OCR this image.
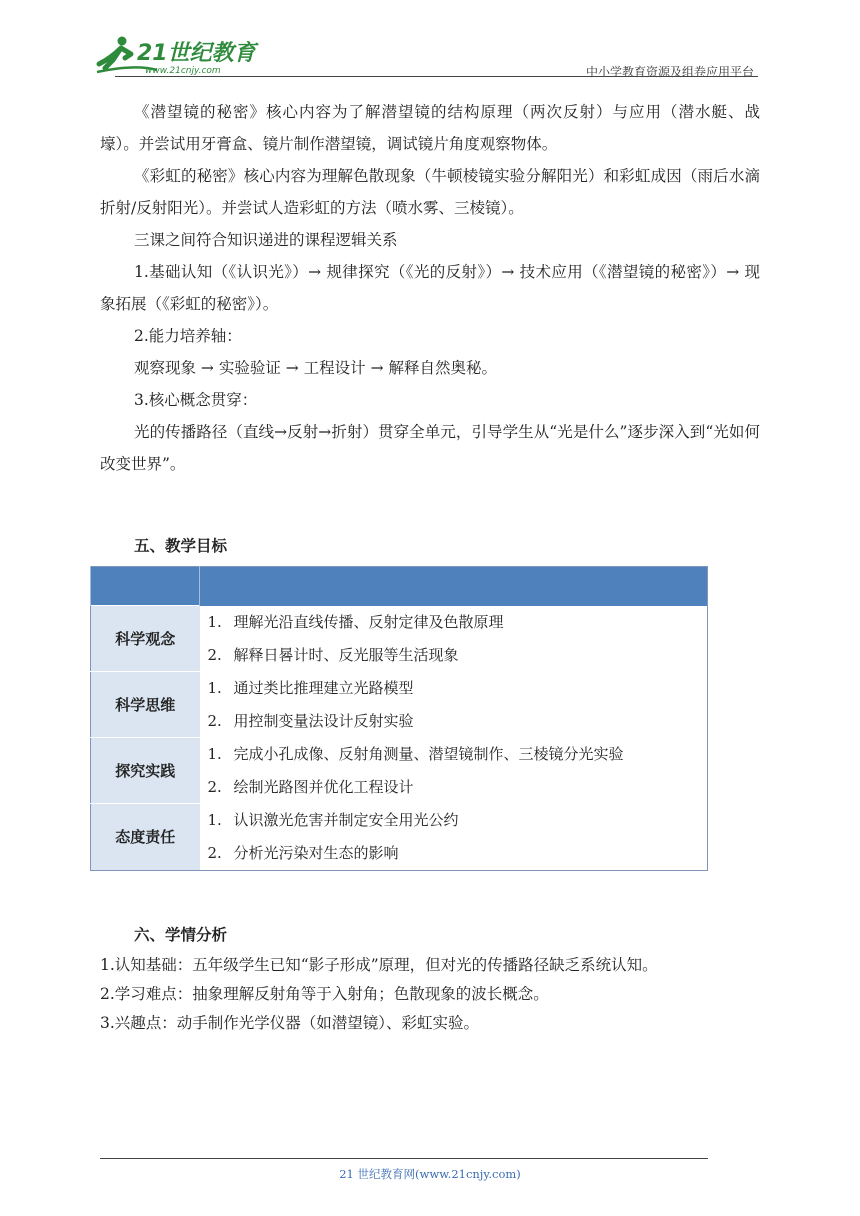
21世纪教育
www.21cnjy.com	中小学教育资源及组卷应用平台

《潜望镜的秘密》核心内容为了解潜望镜的结构原理（两次反射）与应用（潜水艇、战壕）。并尝试用牙膏盒、镜片制作潜望镜，调试镜片角度观察物体。

《彩虹的秘密》核心内容为理解色散现象（牛顿棱镜实验分解阳光）和彩虹成因（雨后水滴折射/反射阳光）。并尝试人造彩虹的方法（喷水雾、三棱镜）。

三课之间符合知识递进的课程逻辑关系

1.基础认知（《认识光》）→ 规律探究（《光的反射》）→ 技术应用（《潜望镜的秘密》）→ 现象拓展（《彩虹的秘密》）。

2.能力培养轴：

观察现象 → 实验验证 → 工程设计 → 解释自然奥秘。

3.核心概念贯穿：

光的传播路径（直线→反射→折射）贯穿全单元，引导学生从“光是什么”逐步深入到“光如何改变世界”。

五、教学目标

科学观念	1. 理解光沿直线传播、反射定律及色散原理
	2. 解释日晷计时、反光服等生活现象
科学思维	1. 通过类比推理建立光路模型
	2. 用控制变量法设计反射实验
探究实践	1. 完成小孔成像、反射角测量、潜望镜制作、三棱镜分光实验
	2. 绘制光路图并优化工程设计
态度责任	1. 认识激光危害并制定安全用光公约
	2. 分析光污染对生态的影响
六、学情分析

1.认知基础：五年级学生已知“影子形成”原理，但对光的传播路径缺乏系统认知。

2.学习难点：抽象理解反射角等于入射角；色散现象的波长概念。

3.兴趣点：动手制作光学仪器（如潜望镜）、彩虹实验。

21 世纪教育网(www.21cnjy.com)
